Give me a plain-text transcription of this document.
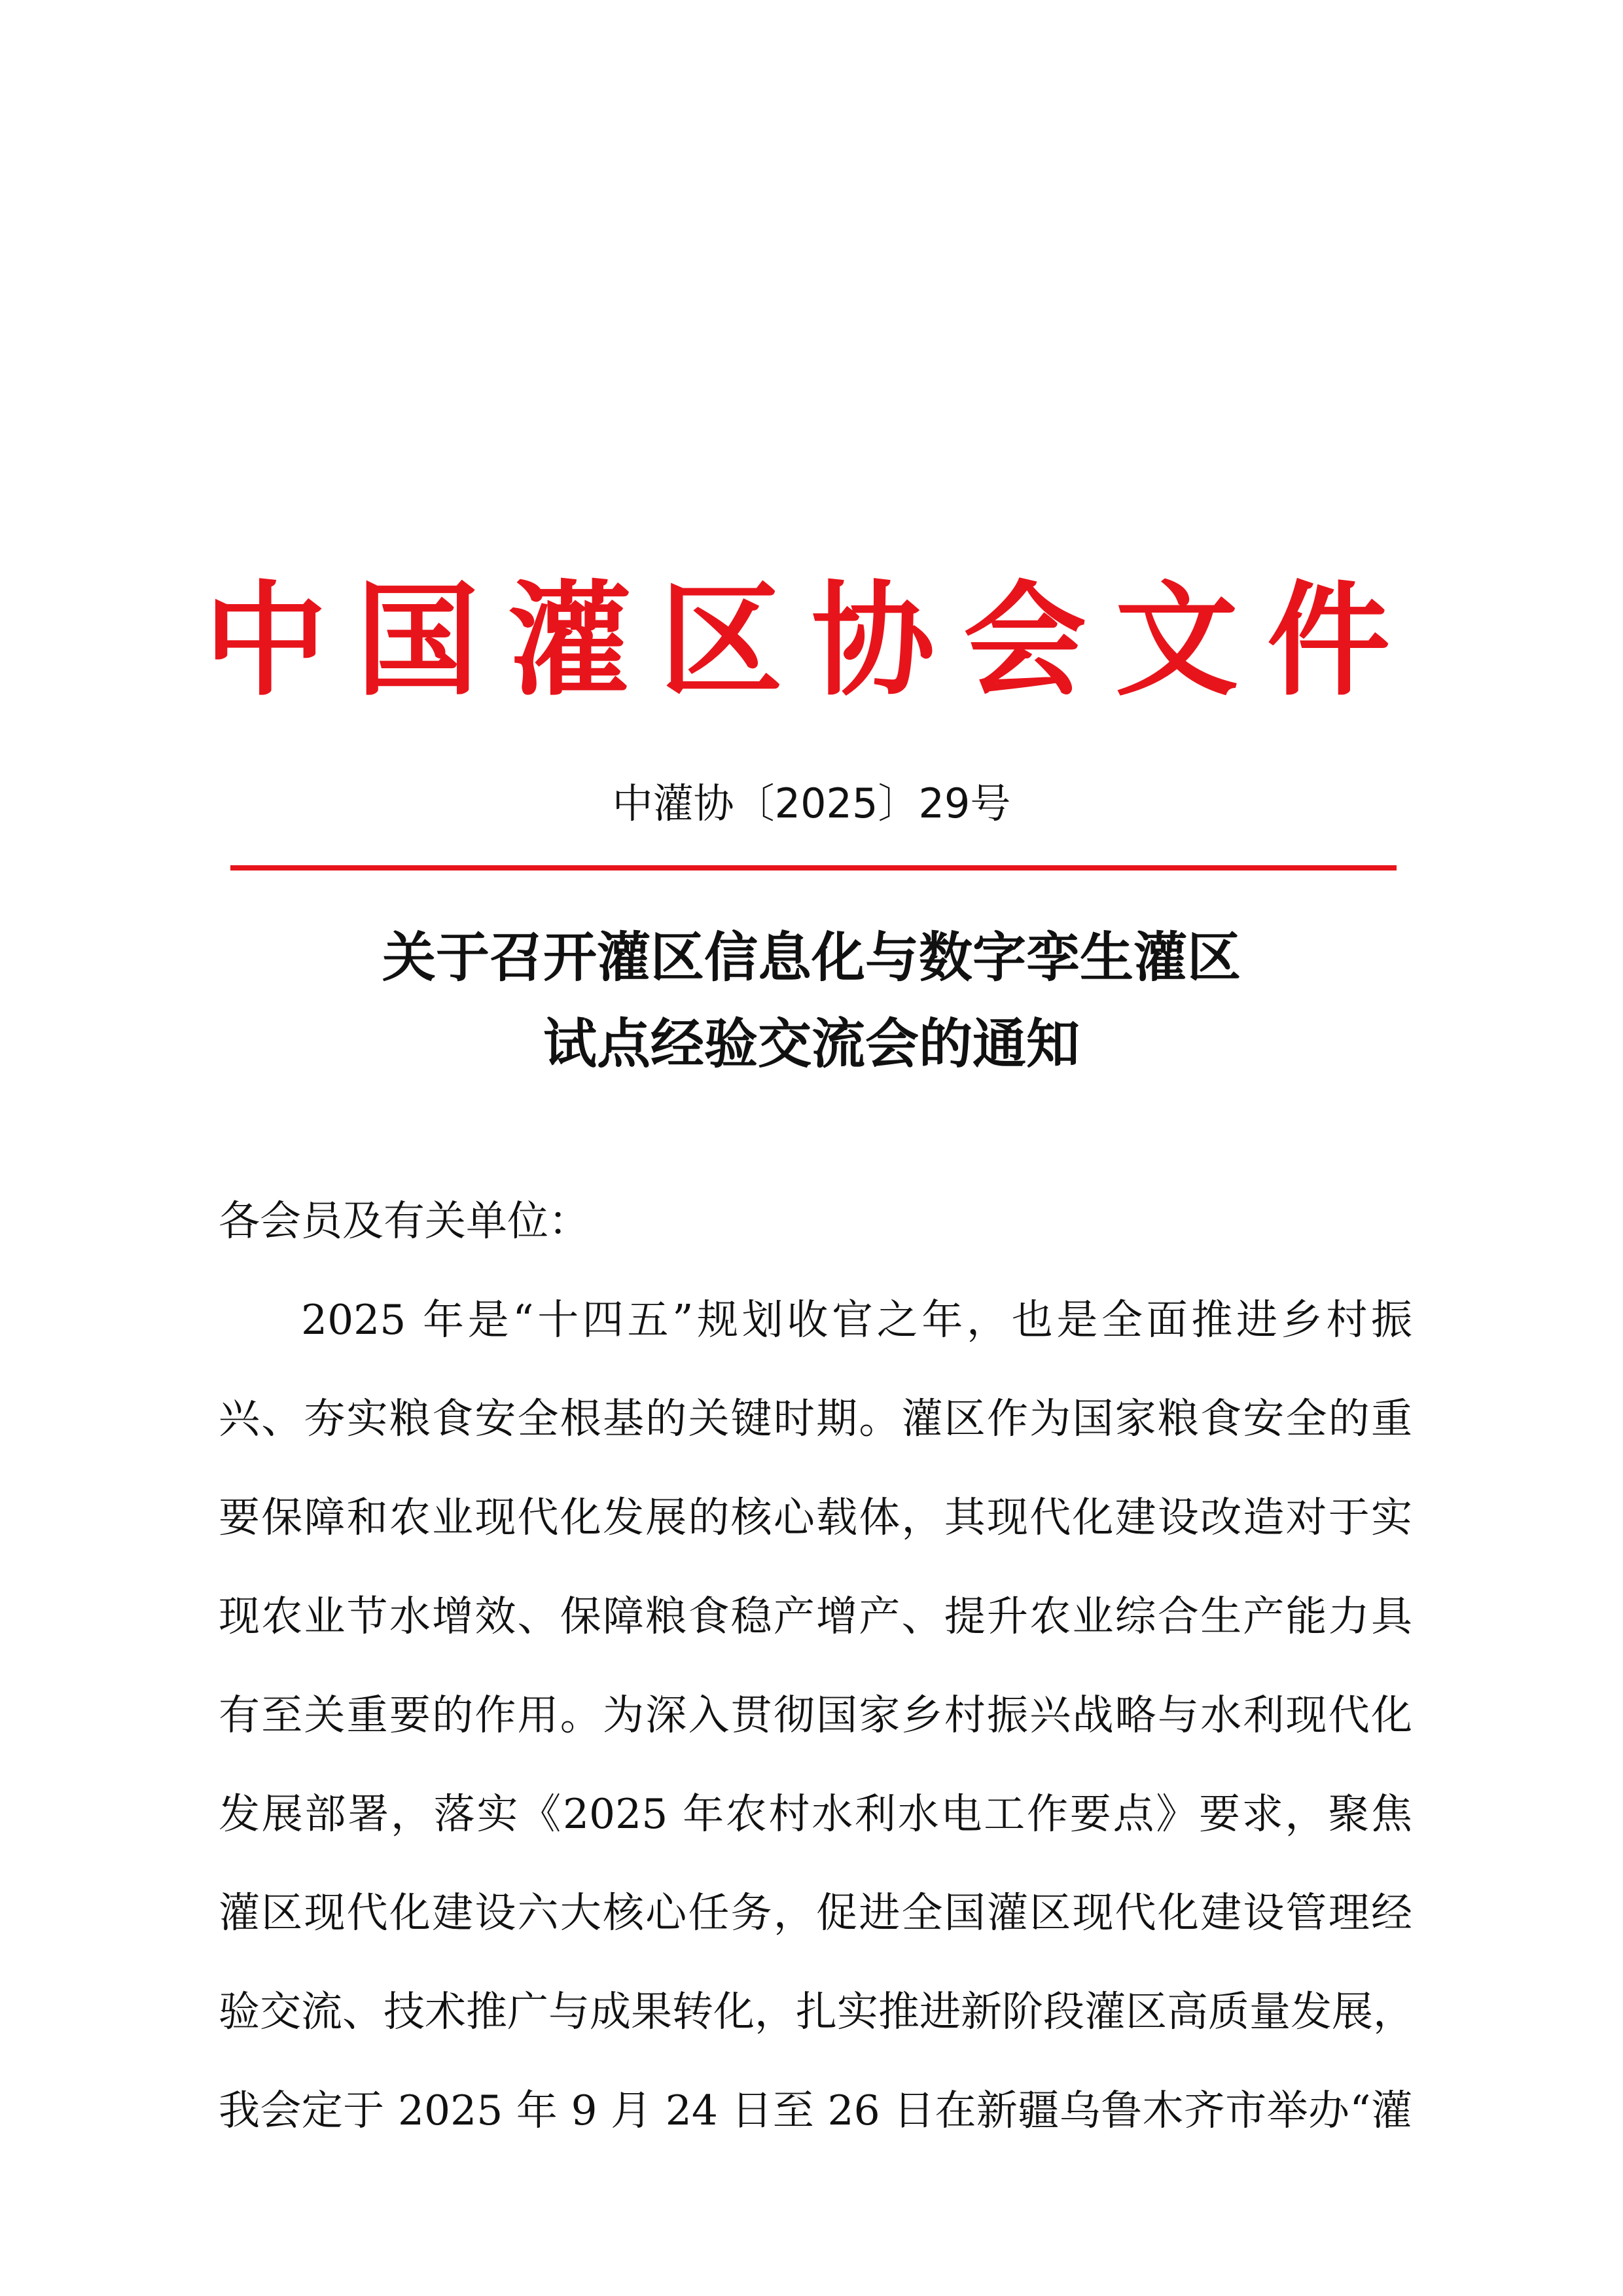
中国灌区协会文件
中灌协〔2025〕29号
关于召开灌区信息化与数字孪生灌区
试点经验交流会的通知
各会员及有关单位：
2025 年是“十四五”规划收官之年，也是全面推进乡村振
兴、夯实粮食安全根基的关键时期。灌区作为国家粮食安全的重
要保障和农业现代化发展的核心载体，其现代化建设改造对于实
现农业节水增效、保障粮食稳产增产、提升农业综合生产能力具
有至关重要的作用。为深入贯彻国家乡村振兴战略与水利现代化
发展部署，落实《2025 年农村水利水电工作要点》要求，聚焦
灌区现代化建设六大核心任务，促进全国灌区现代化建设管理经
验交流、技术推广与成果转化，扎实推进新阶段灌区高质量发展，
我会定于 2025 年 9 月 24 日至 26 日在新疆乌鲁木齐市举办“灌
